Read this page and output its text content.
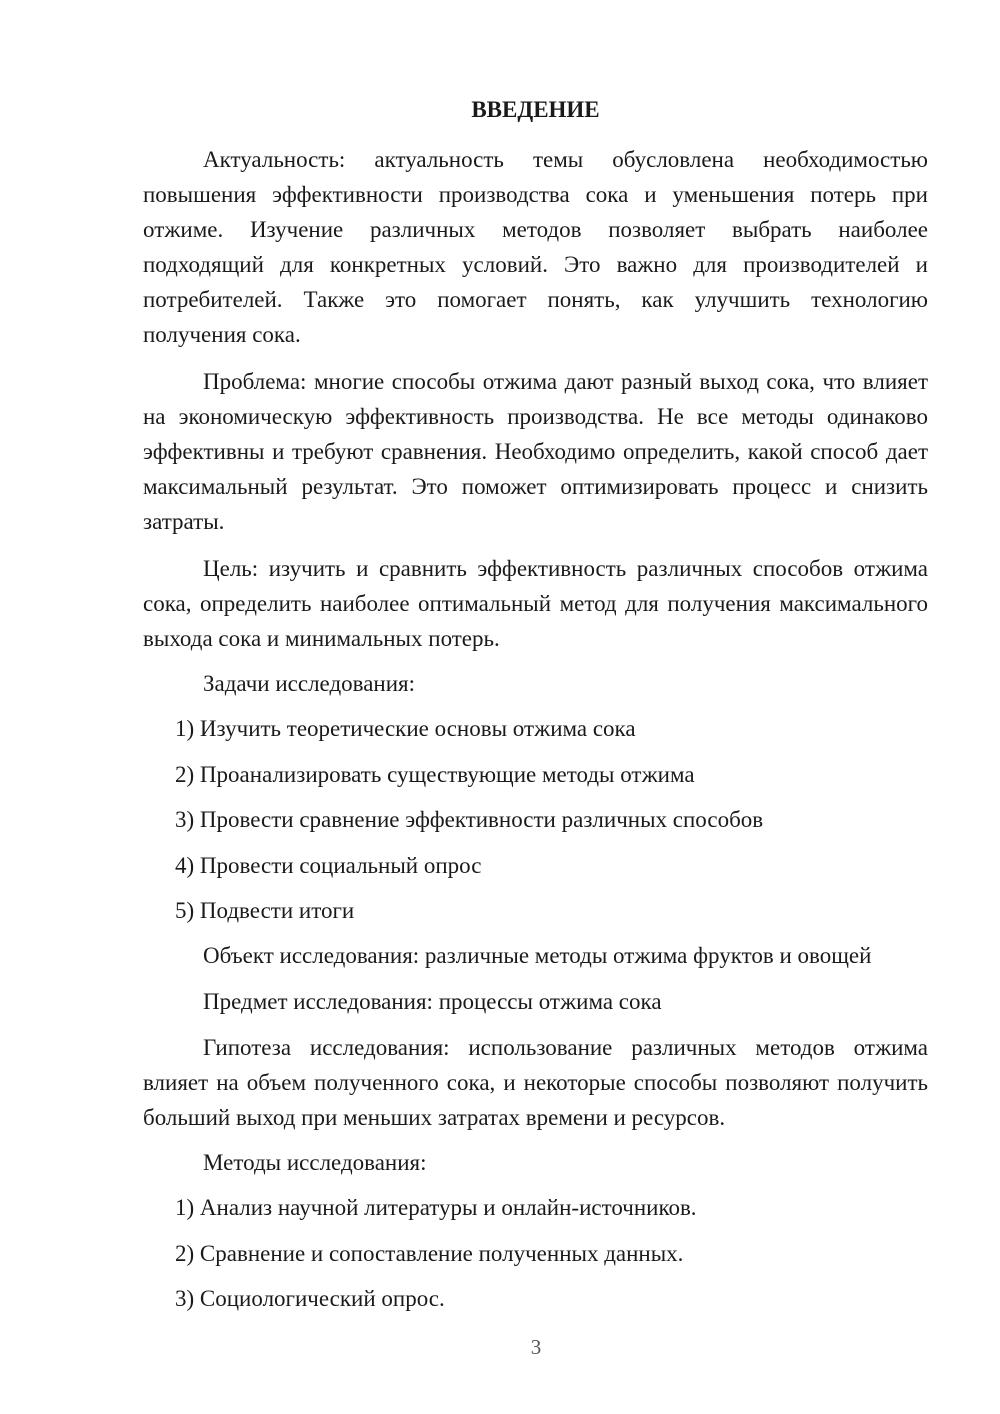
ВВЕДЕНИЕ

Актуальность: актуальность темы обусловлена необходимостью повышения эффективности производства сока и уменьшения потерь при отжиме. Изучение различных методов позволяет выбрать наиболее подходящий для конкретных условий. Это важно для производителей и потребителей. Также это помогает понять, как улучшить технологию получения сока.

Проблема: многие способы отжима дают разный выход сока, что влияет на экономическую эффективность производства. Не все методы одинаково эффективны и требуют сравнения. Необходимо определить, какой способ дает максимальный результат. Это поможет оптимизировать процесс и снизить затраты.

Цель: изучить и сравнить эффективность различных способов отжима сока, определить наиболее оптимальный метод для получения максимального выхода сока и минимальных потерь.

Задачи исследования:

1) Изучить теоретические основы отжима сока

2) Проанализировать существующие методы отжима

3) Провести сравнение эффективности различных способов

4) Провести социальный опрос

5) Подвести итоги

Объект исследования: различные методы отжима фруктов и овощей

Предмет исследования: процессы отжима сока

Гипотеза исследования: использование различных методов отжима влияет на объем полученного сока, и некоторые способы позволяют получить больший выход при меньших затратах времени и ресурсов.

Методы исследования:

1) Анализ научной литературы и онлайн-источников.

2) Сравнение и сопоставление полученных данных.

3) Социологический опрос.

3
